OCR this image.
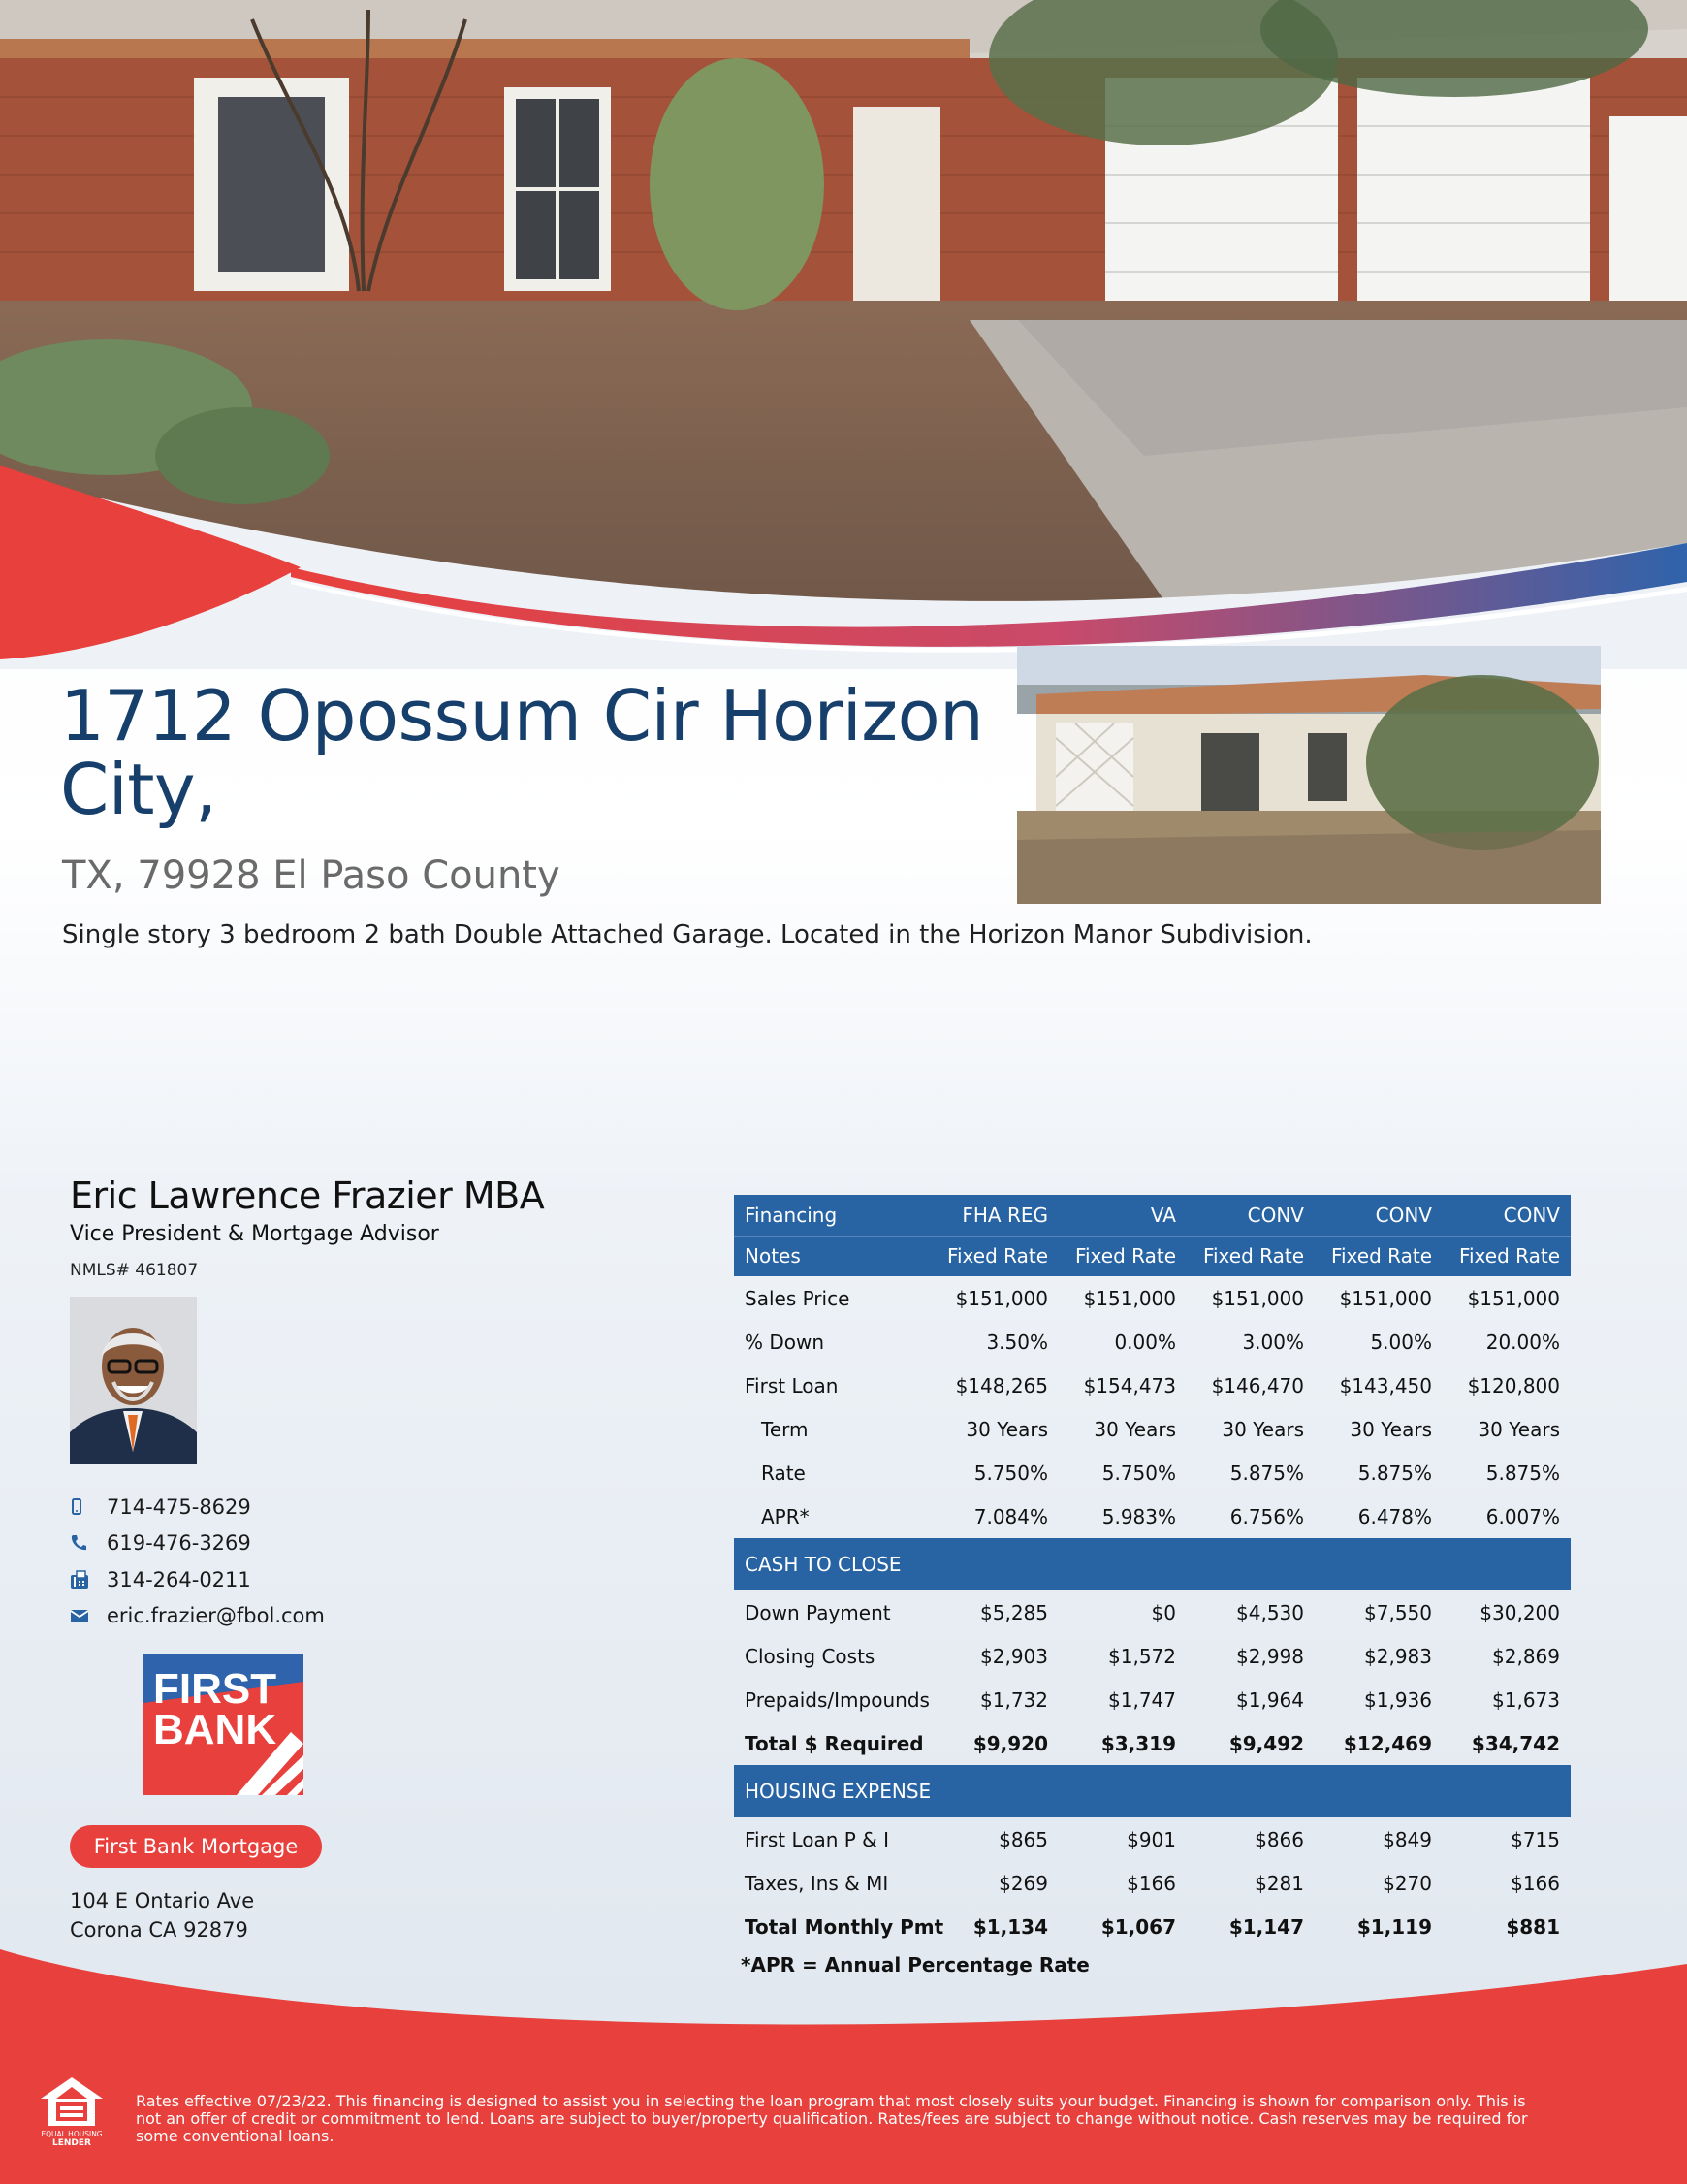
1712 Opossum Cir Horizon City,
TX, 79928 El Paso County

Single story 3 bedroom 2 bath Double Attached Garage. Located in the Horizon Manor Subdivision.

Eric Lawrence Frazier MBA
Vice President & Mortgage Advisor
NMLS# 461807
714-475-8629
619-476-3269
314-264-0211
eric.frazier@fbol.com
FIRST
BANK
First Bank Mortgage
104 E Ontario Ave
Corona CA 92879
Financing	FHA REG	VA	CONV	CONV	CONV
Notes	Fixed Rate	Fixed Rate	Fixed Rate	Fixed Rate	Fixed Rate
Sales Price	$151,000	$151,000	$151,000	$151,000	$151,000
% Down	3.50%	0.00%	3.00%	5.00%	20.00%
First Loan	$148,265	$154,473	$146,470	$143,450	$120,800
Term	30 Years	30 Years	30 Years	30 Years	30 Years
Rate	5.750%	5.750%	5.875%	5.875%	5.875%
APR*	7.084%	5.983%	6.756%	6.478%	6.007%
CASH TO CLOSE					
Down Payment	$5,285	$0	$4,530	$7,550	$30,200
Closing Costs	$2,903	$1,572	$2,998	$2,983	$2,869
Prepaids/Impounds	$1,732	$1,747	$1,964	$1,936	$1,673
Total $ Required	$9,920	$3,319	$9,492	$12,469	$34,742
HOUSING EXPENSE					
First Loan P & I	$865	$901	$866	$849	$715
Taxes, Ins & MI	$269	$166	$281	$270	$166
Total Monthly Pmt	$1,134	$1,067	$1,147	$1,119	$881
*APR = Annual Percentage Rate
EQUAL HOUSING
LENDER

Rates effective 07/23/22. This financing is designed to assist you in selecting the loan program that most closely suits your budget. Financing is shown for comparison only. This is not an offer of credit or commitment to lend. Loans are subject to buyer/property qualification. Rates/fees are subject to change without notice. Cash reserves may be required for some conventional loans.
